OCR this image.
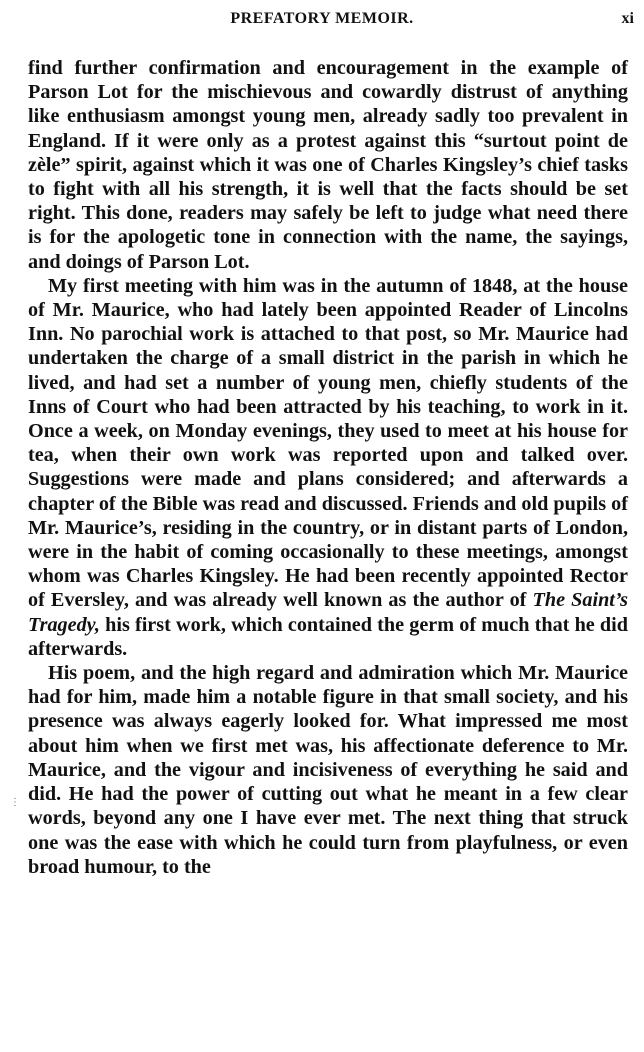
PREFATORY MEMOIR.	xi
⋮

find further confirmation and encouragement in the example of Parson Lot for the mischievous and cowardly distrust of anything like enthusiasm amongst young men, already sadly too prevalent in England. If it were only as a protest against this “surtout point de zèle” spirit, against which it was one of Charles Kingsley’s chief tasks to fight with all his strength, it is well that the facts should be set right. This done, readers may safely be left to judge what need there is for the apologetic tone in connection with the name, the sayings, and doings of Parson Lot.

My first meeting with him was in the autumn of 1848, at the house of Mr. Maurice, who had lately been appointed Reader of Lincolns Inn. No parochial work is attached to that post, so Mr. Maurice had undertaken the charge of a small district in the parish in which he lived, and had set a number of young men, chiefly students of the Inns of Court who had been attracted by his teaching, to work in it. Once a week, on Monday evenings, they used to meet at his house for tea, when their own work was reported upon and talked over. Suggestions were made and plans considered; and afterwards a chapter of the Bible was read and discussed. Friends and old pupils of Mr. Maurice’s, residing in the country, or in distant parts of London, were in the habit of coming occasionally to these meetings, amongst whom was Charles Kingsley. He had been recently appointed Rector of Eversley, and was already well known as the author of The Saint’s Tragedy, his first work, which contained the germ of much that he did afterwards.

His poem, and the high regard and admiration which Mr. Maurice had for him, made him a notable figure in that small society, and his presence was always eagerly looked for. What impressed me most about him when we first met was, his affectionate deference to Mr. Maurice, and the vigour and incisiveness of everything he said and did. He had the power of cutting out what he meant in a few clear words, beyond any one I have ever met. The next thing that struck one was the ease with which he could turn from playfulness, or even broad humour, to the
